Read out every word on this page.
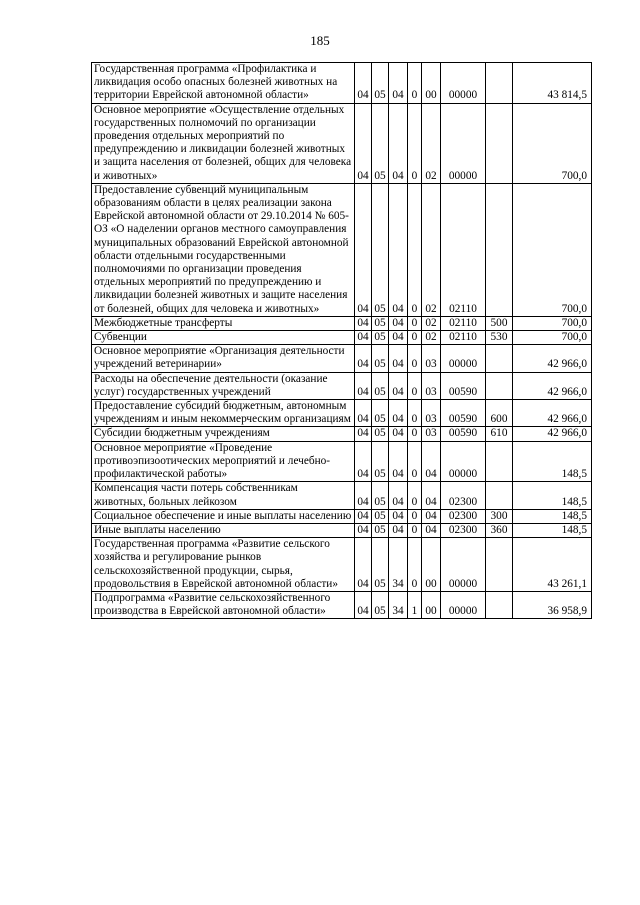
185
Государственная программа «Профилактика и ликвидация особо опасных болезней животных на территории Еврейской автономной области»	04	05	04	0	00	00000		43 814,5
Основное мероприятие «Осуществление отдельных государственных полномочий по организации проведения отдельных мероприятий по предупреждению и ликвидации болезней животных и защита населения от болезней, общих для человека и животных»	04	05	04	0	02	00000		700,0
Предоставление субвенций муниципальным образованиям области в целях реализации закона Еврейской автономной области от 29.10.2014 № 605-ОЗ «О наделении органов местного самоуправления муниципальных образований Еврейской автономной области отдельными государственными полномочиями по организации проведения отдельных мероприятий по предупреждению и ликвидации болезней животных и защите населения от болезней, общих для человека и животных»	04	05	04	0	02	02110		700,0
Межбюджетные трансферты	04	05	04	0	02	02110	500	700,0
Субвенции	04	05	04	0	02	02110	530	700,0
Основное мероприятие «Организация деятельности учреждений ветеринарии»	04	05	04	0	03	00000		42 966,0
Расходы на обеспечение деятельности (оказание услуг) государственных учреждений	04	05	04	0	03	00590		42 966,0
Предоставление субсидий бюджетным, автономным учреждениям и иным некоммерческим организациям	04	05	04	0	03	00590	600	42 966,0
Субсидии бюджетным учреждениям	04	05	04	0	03	00590	610	42 966,0
Основное мероприятие «Проведение противоэпизоотических мероприятий и лечебно-профилактической работы»	04	05	04	0	04	00000		148,5
Компенсация части потерь собственникам животных, больных лейкозом	04	05	04	0	04	02300		148,5
Социальное обеспечение и иные выплаты населению	04	05	04	0	04	02300	300	148,5
Иные выплаты населению	04	05	04	0	04	02300	360	148,5
Государственная программа «Развитие сельского хозяйства и регулирование рынков сельскохозяйственной продукции, сырья, продовольствия в Еврейской автономной области»	04	05	34	0	00	00000		43 261,1
Подпрограмма «Развитие сельскохозяйственного производства в Еврейской автономной области»	04	05	34	1	00	00000		36 958,9
